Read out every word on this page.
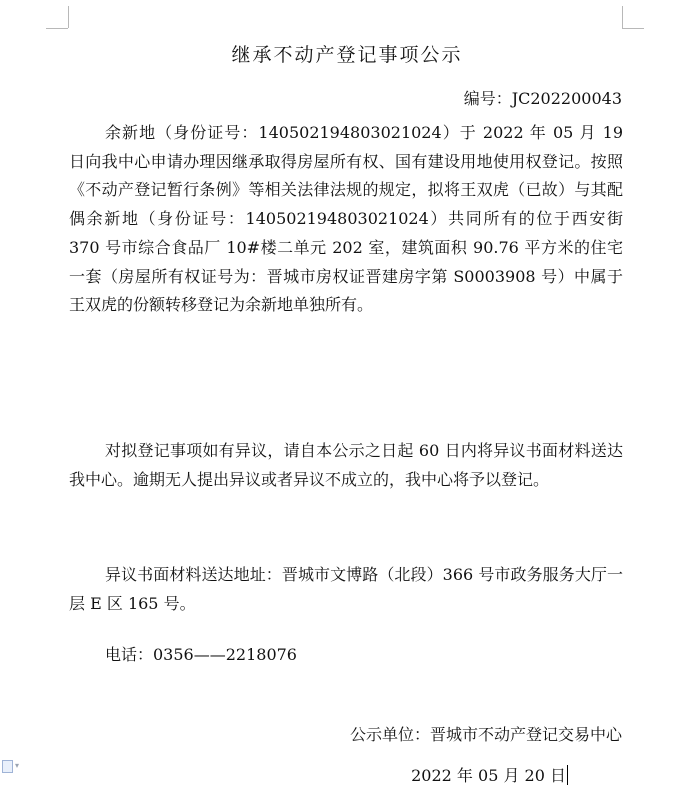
继承不动产登记事项公示
编号：JC202200043

余新地（身份证号：140502194803021024）于 2022 年 05 月 19 日向我中心申请办理因继承取得房屋所有权、国有建设用地使用权登记。按照《不动产登记暂行条例》等相关法律法规的规定，拟将王双虎（已故）与其配偶余新地（身份证号：140502194803021024）共同所有的位于西安街 370 号市综合食品厂 10#楼二单元 202 室，建筑面积 90.76 平方米的住宅一套（房屋所有权证号为：晋城市房权证晋建房字第 S0003908 号）中属于王双虎的份额转移登记为余新地单独所有。

对拟登记事项如有异议，请自本公示之日起 60 日内将异议书面材料送达我中心。逾期无人提出异议或者异议不成立的，我中心将予以登记。

异议书面材料送达地址：晋城市文博路（北段）366 号市政务服务大厅一层 E 区 165 号。

电话：0356——2218076

公示单位：晋城市不动产登记交易中心
2022 年 05 月 20 日
▾
